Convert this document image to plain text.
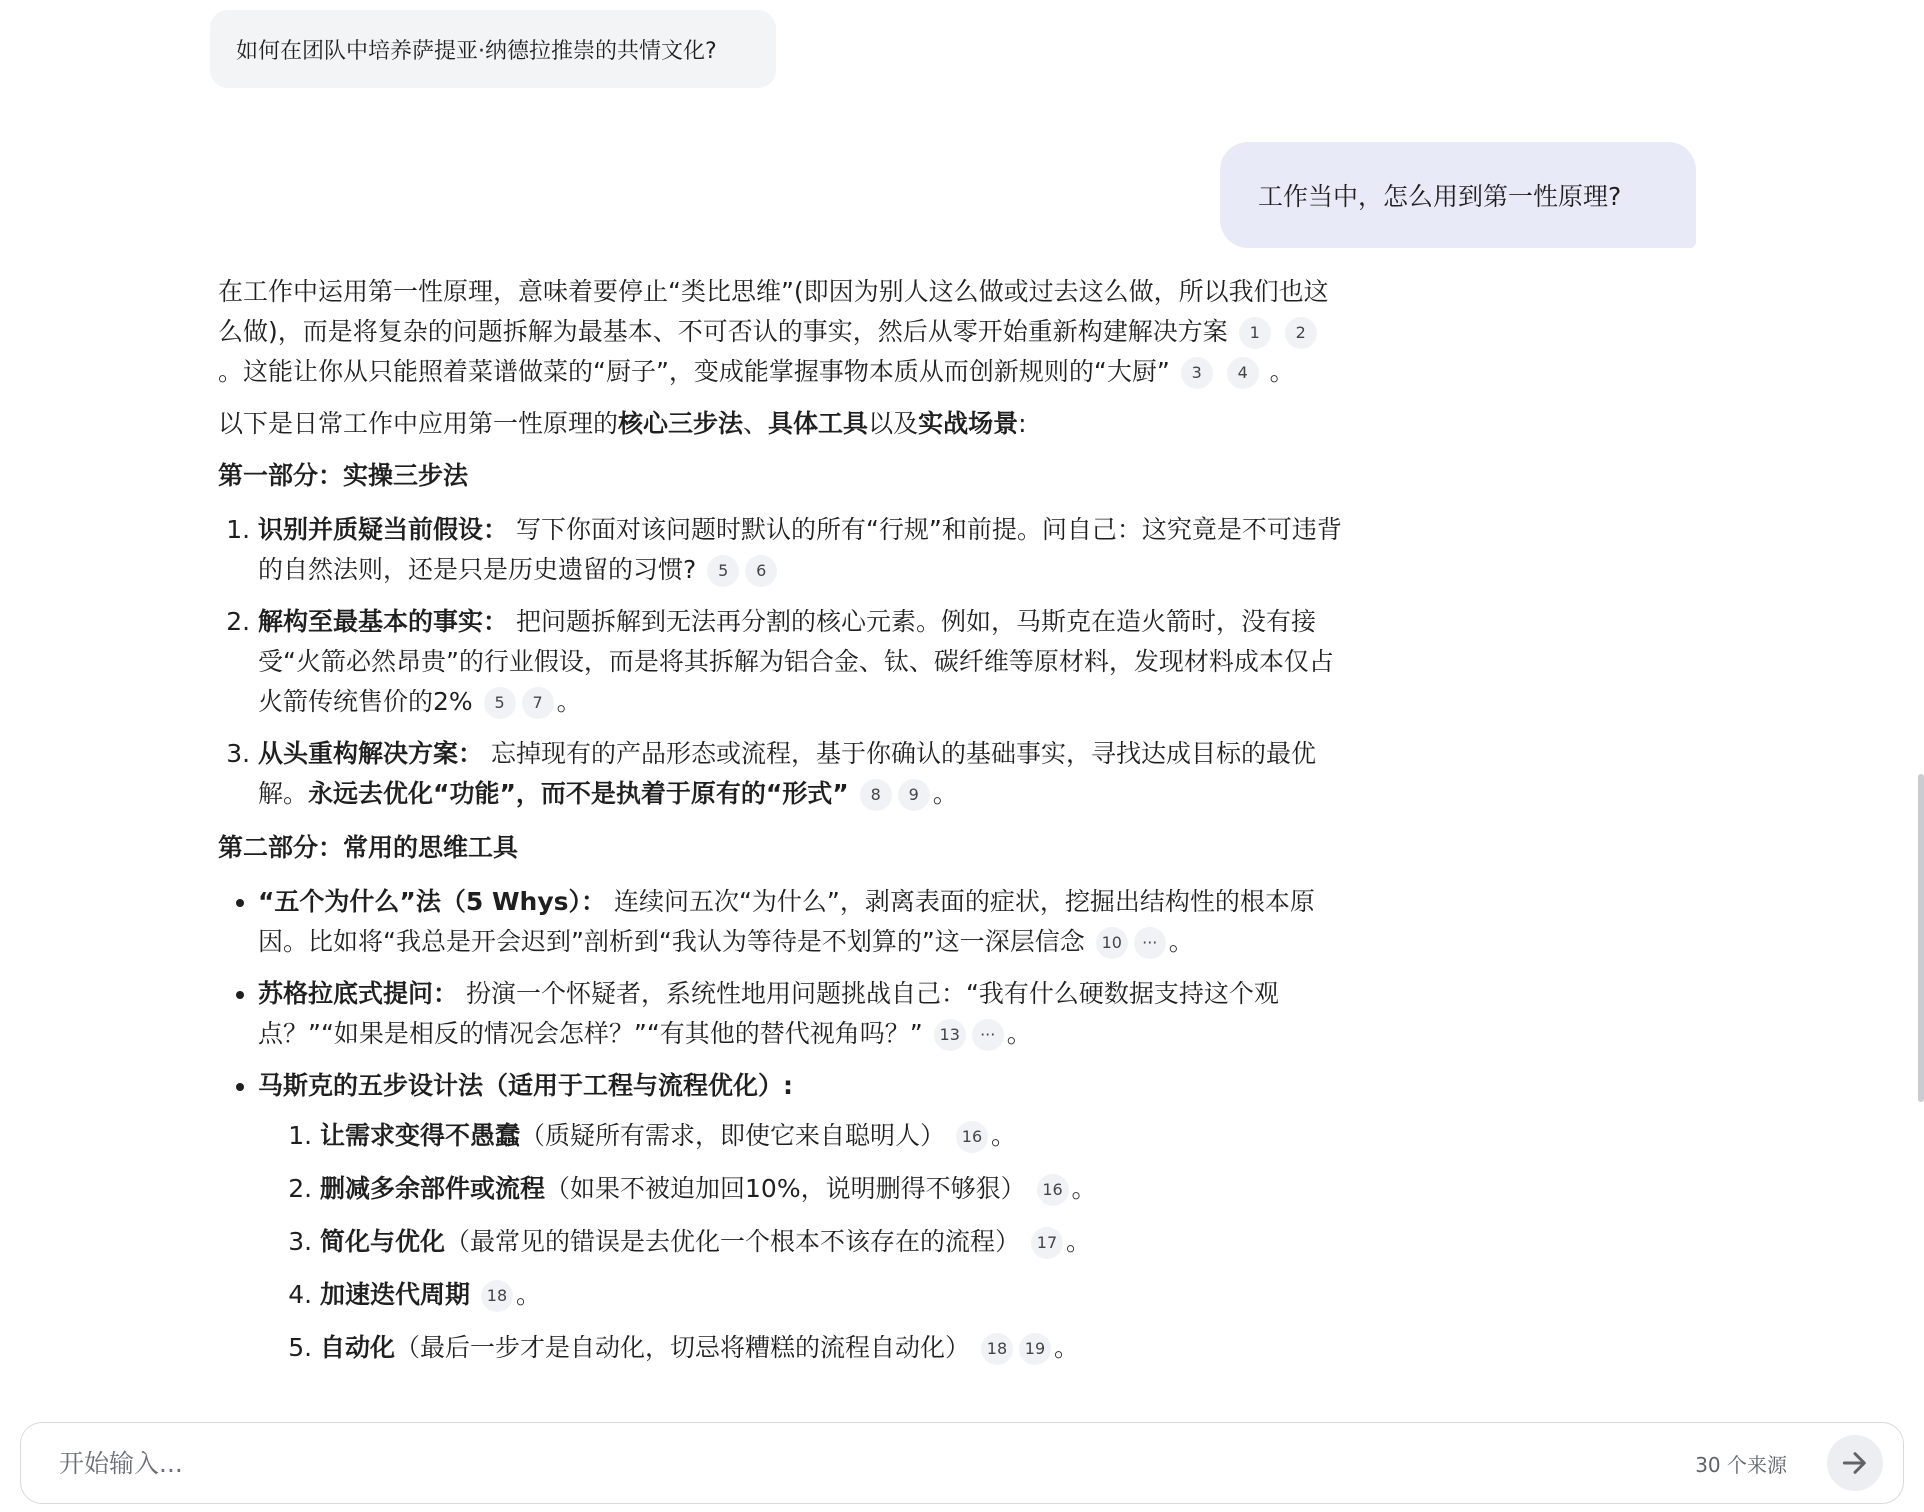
如何在团队中培养萨提亚·纳德拉推崇的共情文化?
工作当中，怎么用到第一性原理?

在工作中运用第一性原理，意味着要停止“类比思维”(即因为别人这么做或过去这么做，所以我们也这么做)，而是将复杂的问题拆解为最基本、不可否认的事实，然后从零开始重新构建解决方案 1 2 。这能让你从只能照着菜谱做菜的“厨子”，变成能掌握事物本质从而创新规则的“大厨” 3 4 。

以下是日常工作中应用第一性原理的核心三步法、具体工具以及实战场景:

第一部分：实操三步法
1. 识别并质疑当前假设： 写下你面对该问题时默认的所有“行规”和前提。问自己：这究竟是不可违背的自然法则，还是只是历史遗留的习惯? 5 6
2. 解构至最基本的事实： 把问题拆解到无法再分割的核心元素。例如，马斯克在造火箭时，没有接受“火箭必然昂贵”的行业假设，而是将其拆解为铝合金、钛、碳纤维等原材料，发现材料成本仅占火箭传统售价的2% 5 7 。
3. 从头重构解决方案： 忘掉现有的产品形态或流程，基于你确认的基础事实，寻找达成目标的最优解。永远去优化“功能”，而不是执着于原有的“形式” 8 9 。
第二部分：常用的思维工具
• “五个为什么”法（5 Whys）： 连续问五次“为什么”，剥离表面的症状，挖掘出结构性的根本原因。比如将“我总是开会迟到”剖析到“我认为等待是不划算的”这一深层信念 10 ··· 。
• 苏格拉底式提问： 扮演一个怀疑者，系统性地用问题挑战自己：“我有什么硬数据支持这个观点？”“如果是相反的情况会怎样？”“有其他的替代视角吗？” 13 ··· 。
• 马斯克的五步设计法（适用于工程与流程优化）:
1. 让需求变得不愚蠢（质疑所有需求，即使它来自聪明人） 16 。
2. 删减多余部件或流程（如果不被迫加回10%，说明删得不够狠） 16 。
3. 简化与优化（最常见的错误是去优化一个根本不该存在的流程） 17 。
4. 加速迭代周期 18 。
5. 自动化（最后一步才是自动化，切忌将糟糕的流程自动化） 18 19 。
开始输入...
30 个来源
